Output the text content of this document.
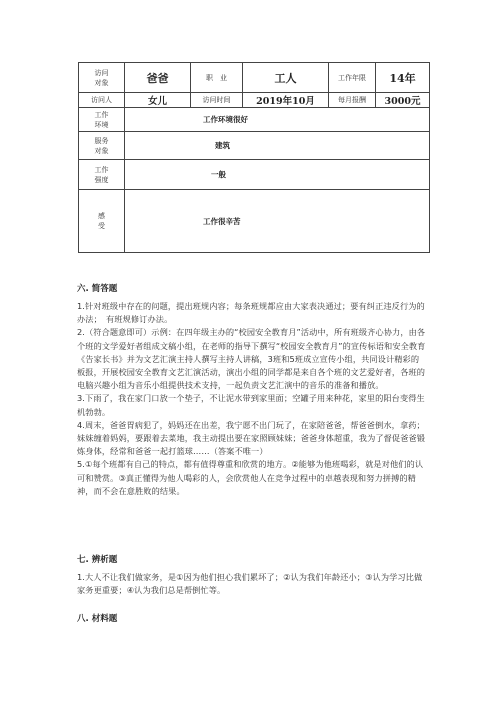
访问
对象	爸爸	职　业	工人	工作年限	14年
访问人	女儿	访问时间	2019年10月	每月报酬	3000元
工作
环境	工作环境很好				
服务
对象	建筑				
工作
强度	一般				
感
受	工作很辛苦				
六. 简答题

1.针对班级中存在的问题，提出班规内容；每条班规都应由大家表决通过；要有纠正违反行为的办法；　有班规修订办法。

2.（符合题意即可）示例：在四年级主办的“校园安全教育月”活动中，所有班级齐心协力，由各个班的文学爱好者组成文稿小组，在老师的指导下撰写“校园安全教育月”的宣传标语和安全教育《告家长书》并为文艺汇演主持人撰写主持人讲稿，3班和5班成立宣传小组，共同设计精彩的板报，开展校园安全教育文艺汇演活动，演出小组的同学都是来自各个班的文艺爱好者，各班的电脑兴趣小组为音乐小组提供技术支持，一起负责文艺汇演中的音乐的准备和播放。

3.下雨了，我在家门口放一个垫子，不让泥水带到家里面；空罐子用来种花，家里的阳台变得生机勃勃。

4.周末，爸爸胃病犯了，妈妈还在出差，我宁愿不出门玩了，在家陪爸爸，帮爸爸倒水，拿药；妹妹缠着妈妈，要跟着去菜地，我主动提出要在家照顾妹妹；爸爸身体超重，我为了督促爸爸锻炼身体，经常和爸爸一起打篮球……（答案不唯一）

5.①每个班都有自己的特点，都有值得尊重和欣赏的地方。②能够为他班喝彩，就是对他们的认可和赞赏。③真正懂得为他人喝彩的人，会欣赏他人在竞争过程中的卓越表现和努力拼搏的精神，而不会在意胜败的结果。

七. 辨析题

1.大人不让我们做家务，是①因为他们担心我们累坏了；②认为我们年龄还小；③认为学习比做家务更重要；④认为我们总是帮倒忙等。

八. 材料题
